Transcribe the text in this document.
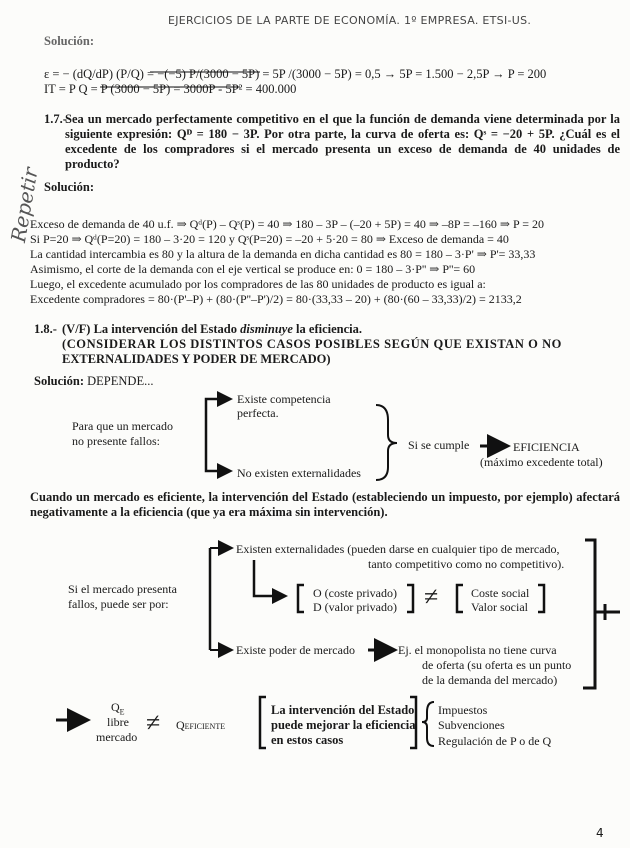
EJERCICIOS DE LA PARTE DE ECONOMÍA. 1º EMPRESA. ETSI-US.
Solución:
ε = − (dQ/dP) (P/Q) = −(−5) P/(3000 − 5P) = 5P /(3000 − 5P) = 0,5 → 5P = 1.500 − 2,5P → P = 200
IT = P Q = P (3000 − 5P) = 3000P - 5P² = 400.000
1.7.-
Sea un mercado perfectamente competitivo en el que la función de demanda viene determinada por la siguiente expresión: Qᴰ = 180 − 3P. Por otra parte, la curva de oferta es: Qˢ = −20 + 5P. ¿Cuál es el excedente de los compradores si el mercado presenta un exceso de demanda de 40 unidades de producto?
Repetir Solución:
Exceso de demanda de 40 u.f. ⇒ Qᵈ(P) – Qˢ(P) = 40 ⇒ 180 – 3P – (–20 + 5P) = 40 ⇒ –8P = –160 ⇒ P = 20
Si P=20 ⇒ Qᵈ(P=20) = 180 – 3·20 = 120 y Qˢ(P=20) = –20 + 5·20 = 80 ⇒ Exceso de demanda = 40
La cantidad intercambia es 80 y la altura de la demanda en dicha cantidad es 80 = 180 – 3·P' ⇒ P'= 33,33
Asimismo, el corte de la demanda con el eje vertical se produce en: 0 = 180 – 3·P'' ⇒ P''= 60
Luego, el excedente acumulado por los compradores de las 80 unidades de producto es igual a:
Excedente compradores = 80·(P'–P) + (80·(P''–P')/2) = 80·(33,33 – 20) + (80·(60 – 33,33)/2) = 2133,2
1.8.- (V/F) La intervención del Estado disminuye la eficiencia.
(CONSIDERAR LOS DISTINTOS CASOS POSIBLES SEGÚN QUE EXISTAN O NO
EXTERNALIDADES Y PODER DE MERCADO)
Solución: DEPENDE...
Para que un mercado
no presente fallos:
Existe competencia
perfecta.
No existen externalidades
Si se cumple	EFICIENCIA
(máximo excedente total)
Cuando un mercado es eficiente, la intervención del Estado (estableciendo un impuesto, por ejemplo) afectará negativamente a la eficiencia (que ya era máxima sin intervención).
Si el mercado presenta
fallos, puede ser por:
Existen externalidades (pueden darse en cualquier tipo de mercado,
tanto competitivo como no competitivo).
O (coste privado)
D (valor privado) ≠	Coste social
Valor social
Existe poder de mercado	Ej. el monopolista no tiene curva
de oferta (su oferta es un punto
de la demanda del mercado)
$Q_E$
libre
mercado ≠ QEFICIENTE
La intervención del Estado
puede mejorar la eficiencia
en estos casos
Impuestos
Subvenciones
Regulación de P o de Q
4
